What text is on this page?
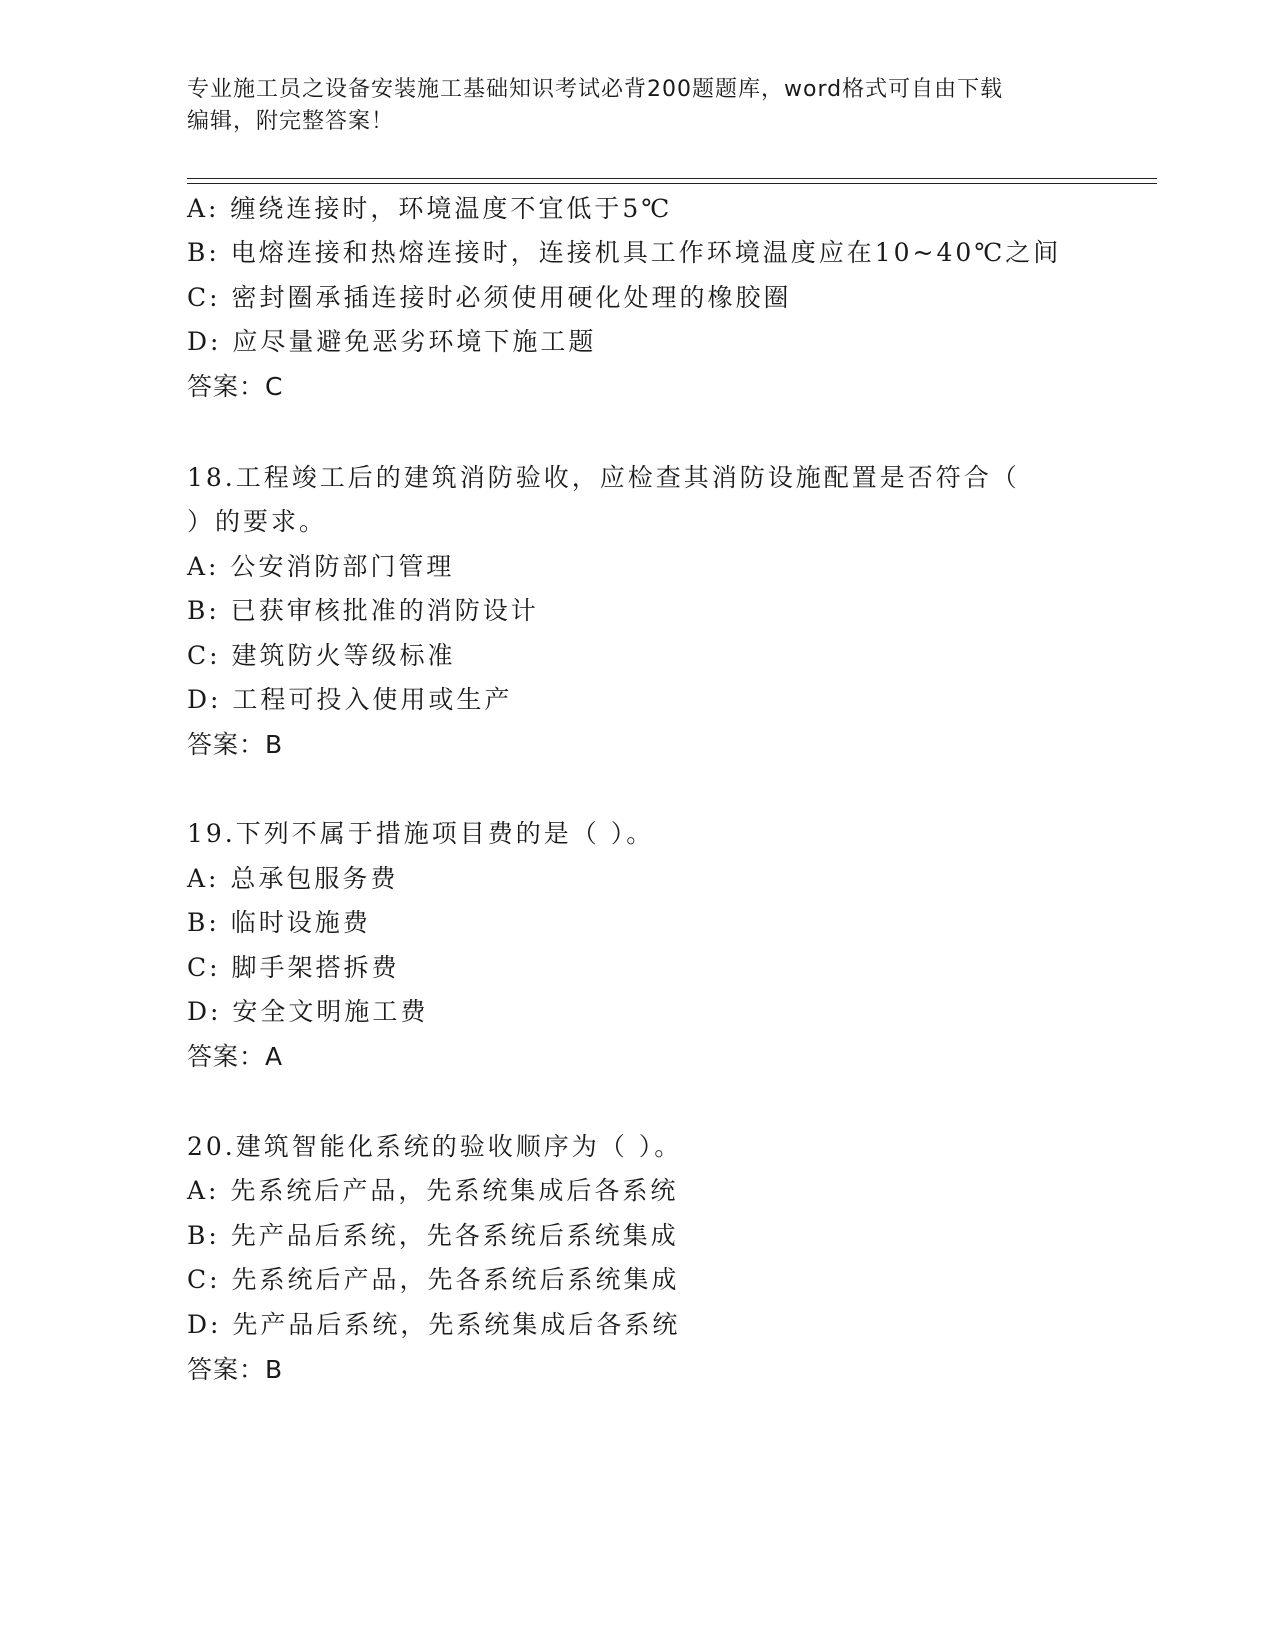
专业施工员之设备安装施工基础知识考试必背200题题库，word格式可自由下载
编辑，附完整答案！
A: 缠绕连接时，环境温度不宜低于5℃
B: 电熔连接和热熔连接时，连接机具工作环境温度应在10~40℃之间
C: 密封圈承插连接时必须使用硬化处理的橡胶圈
D: 应尽量避免恶劣环境下施工题
答案：C
18.工程竣工后的建筑消防验收，应检查其消防设施配置是否符合（
）的要求。
A: 公安消防部门管理
B: 已获审核批准的消防设计
C: 建筑防火等级标准
D: 工程可投入使用或生产
答案：B
19.下列不属于措施项目费的是（ ）。
A: 总承包服务费
B: 临时设施费
C: 脚手架搭拆费
D: 安全文明施工费
答案：A
20.建筑智能化系统的验收顺序为（ ）。
A: 先系统后产品，先系统集成后各系统
B: 先产品后系统，先各系统后系统集成
C: 先系统后产品，先各系统后系统集成
D: 先产品后系统，先系统集成后各系统
答案：B
